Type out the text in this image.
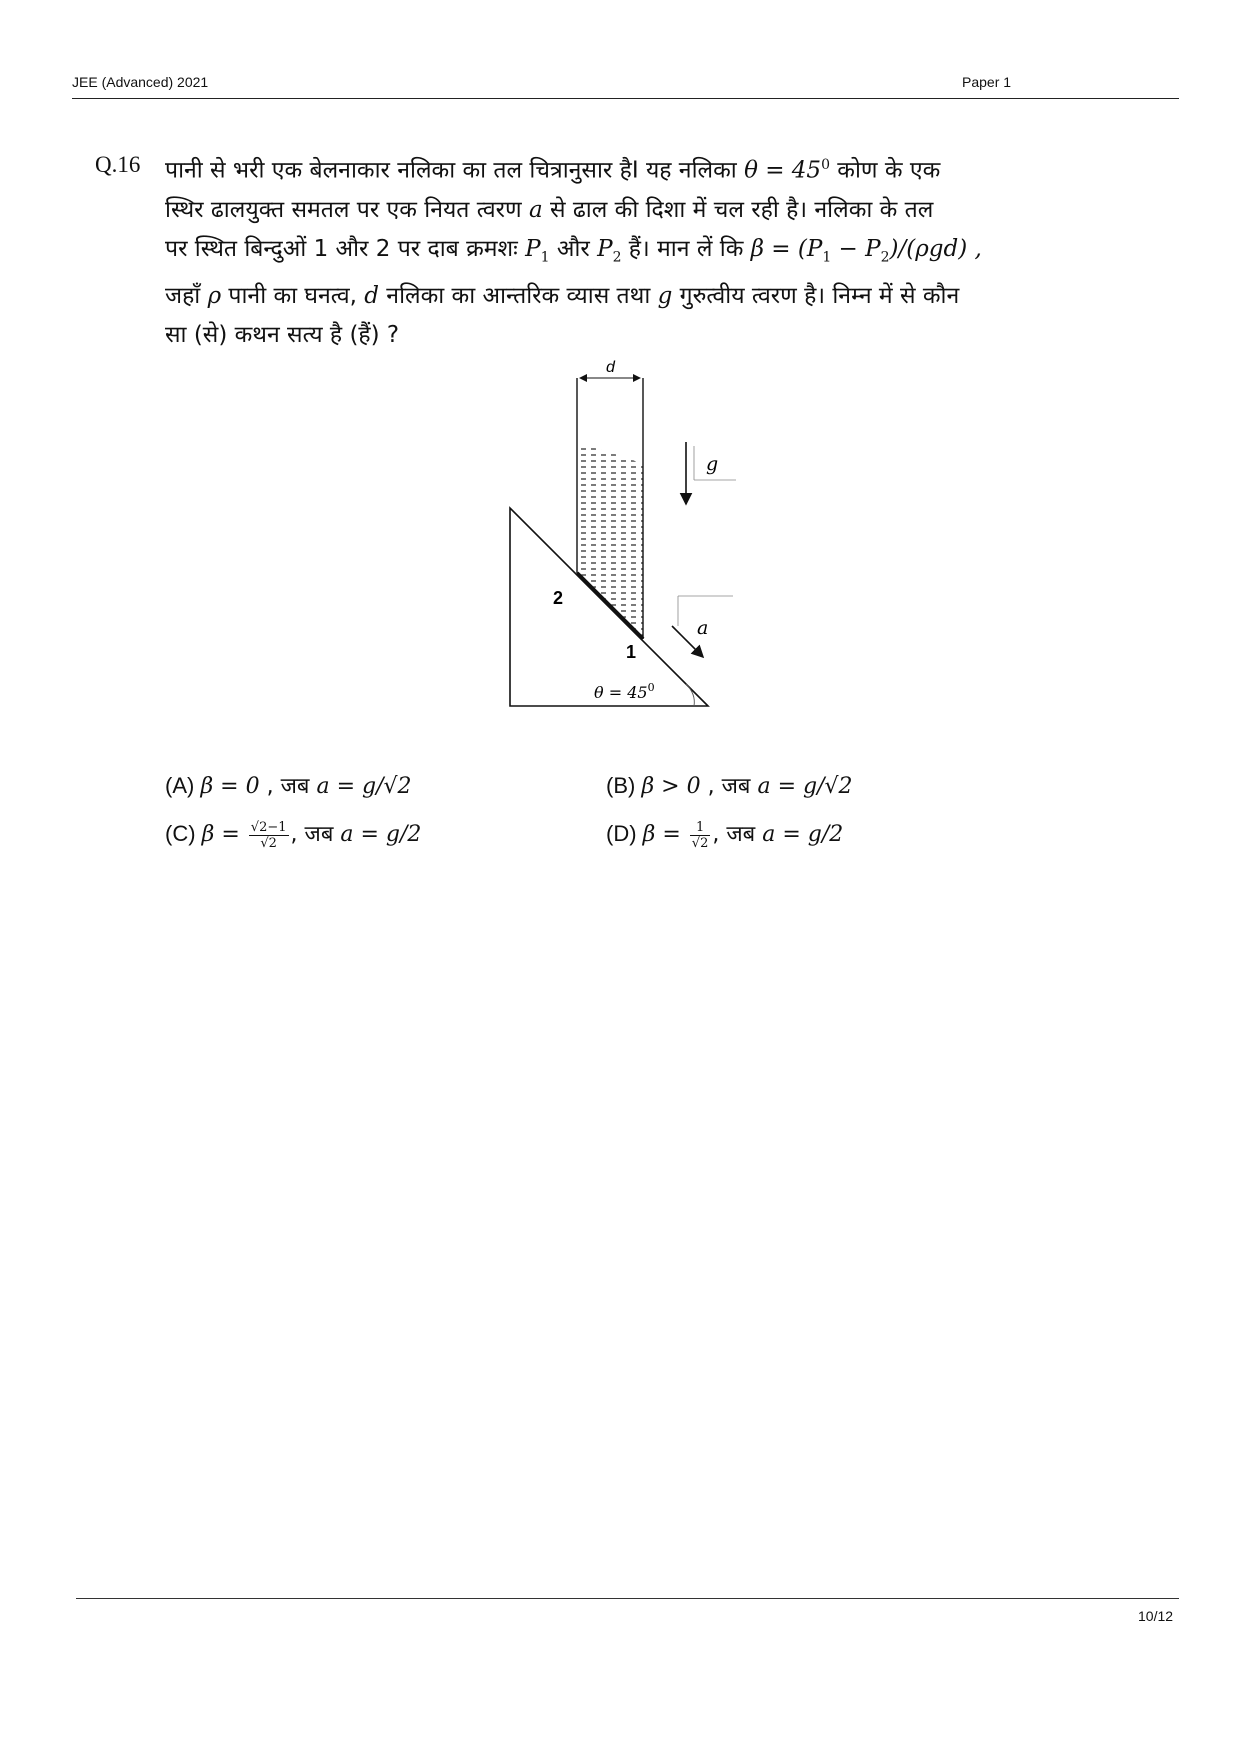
JEE (Advanced) 2021	Paper 1
Q.16 पानी से भरी एक बेलनाकार नलिका का तल चित्रानुसार हैI यह नलिका $\theta = 45^0$ कोण के एक

स्थिर ढालयुक्त समतल पर एक नियत त्वरण a से ढाल की दिशा में चल रही है। नलिका के तल

पर स्थित बिन्दुओं 1 और 2 पर दाब क्रमशः $P_1$ और $P_2$ हैं। मान लें कि $\beta = (P_1 - P_2)/(\rho gd)$ ,

जहाँ ρ पानी का घनत्व, d नलिका का आन्तरिक व्यास तथा g गुरुत्वीय त्वरण है। निम्न में से कौन

सा (से) कथन सत्य है (हैं) ?

d
g
a
2
1
$\theta = 45^0$
(A) β = 0 , जब a = g/√2	(B) β > 0 , जब a = g/√2
(C) $\beta = \frac{√2-1}{√2}$ , जब a = g/2	(D) $\beta = \frac{1}{√2}$ , जब a = g/2
10/12
